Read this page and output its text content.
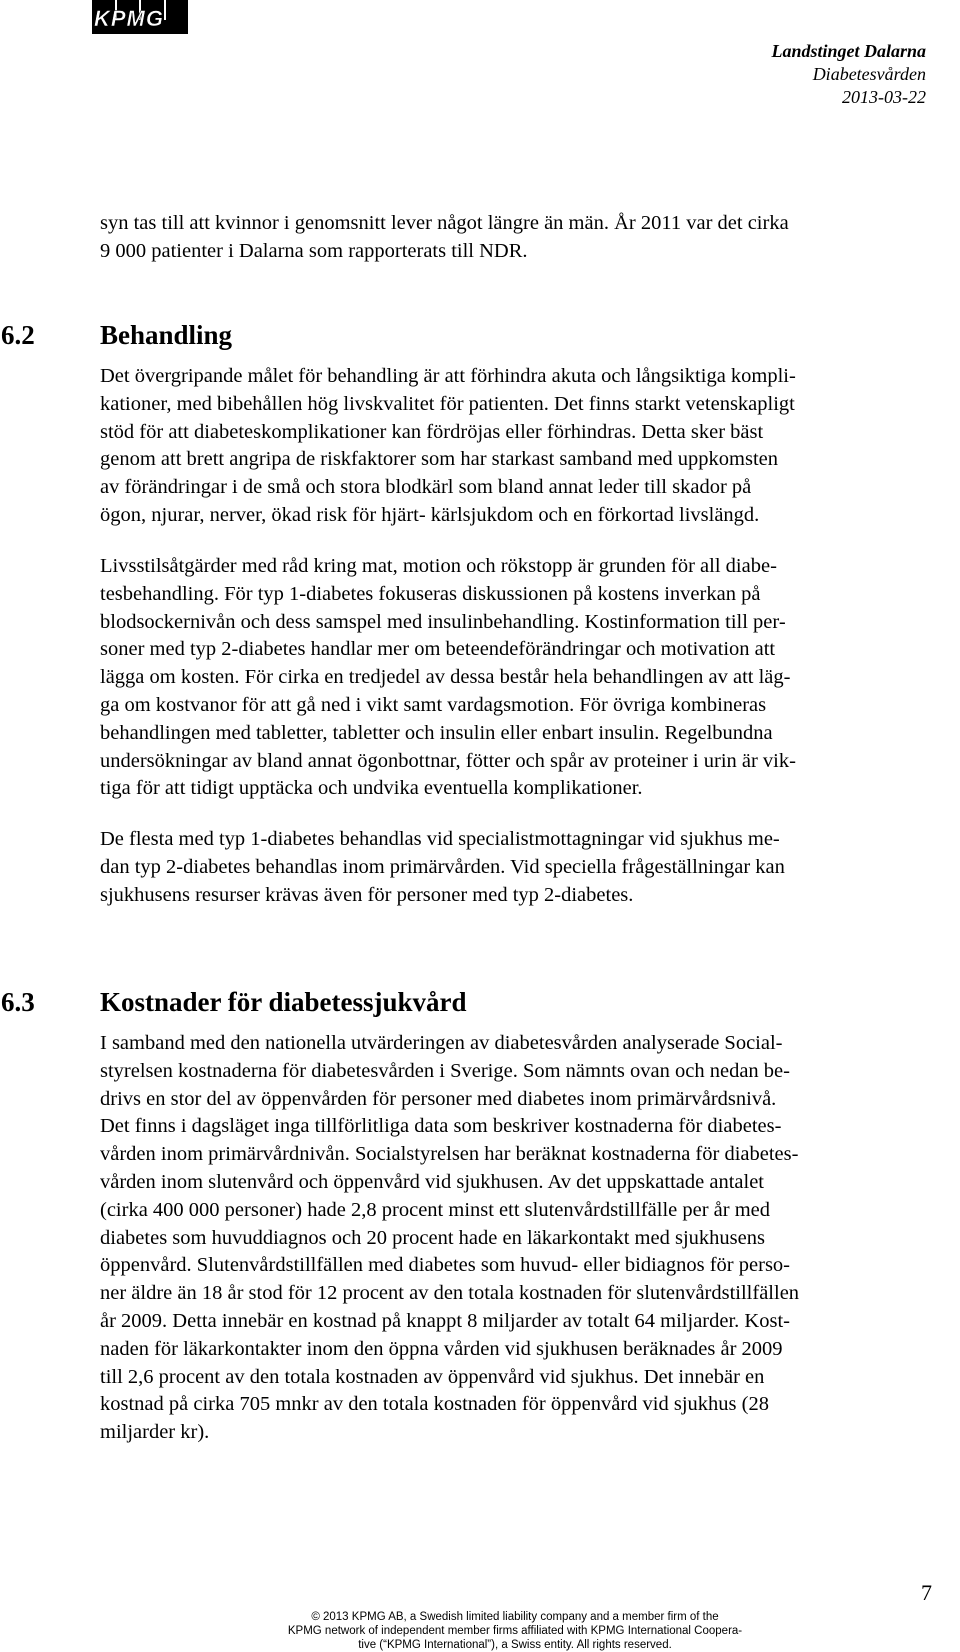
KPMG
Landstinget Dalarna
Diabetesvården
2013-03-22

syn tas till att kvinnor i genomsnitt lever något längre än män. År 2011 var det cirka

9 000 patienter i Dalarna som rapporterats till NDR.

6.2 Behandling

Det övergripande målet för behandling är att förhindra akuta och långsiktiga kompli-

kationer, med bibehållen hög livskvalitet för patienten. Det finns starkt vetenskapligt

stöd för att diabeteskomplikationer kan fördröjas eller förhindras. Detta sker bäst

genom att brett angripa de riskfaktorer som har starkast samband med uppkomsten

av förändringar i de små och stora blodkärl som bland annat leder till skador på

ögon, njurar, nerver, ökad risk för hjärt- kärlsjukdom och en förkortad livslängd.

Livsstilsåtgärder med råd kring mat, motion och rökstopp är grunden för all diabe-

tesbehandling. För typ 1-diabetes fokuseras diskussionen på kostens inverkan på

blodsockernivån och dess samspel med insulinbehandling. Kostinformation till per-

soner med typ 2-diabetes handlar mer om beteendeförändringar och motivation att

lägga om kosten. För cirka en tredjedel av dessa består hela behandlingen av att läg-

ga om kostvanor för att gå ned i vikt samt vardagsmotion. För övriga kombineras

behandlingen med tabletter, tabletter och insulin eller enbart insulin. Regelbundna

undersökningar av bland annat ögonbottnar, fötter och spår av proteiner i urin är vik-

tiga för att tidigt upptäcka och undvika eventuella komplikationer.

De flesta med typ 1-diabetes behandlas vid specialistmottagningar vid sjukhus me-

dan typ 2-diabetes behandlas inom primärvården. Vid speciella frågeställningar kan

sjukhusens resurser krävas även för personer med typ 2-diabetes.

6.3 Kostnader för diabetessjukvård

I samband med den nationella utvärderingen av diabetesvården analyserade Social-

styrelsen kostnaderna för diabetesvården i Sverige. Som nämnts ovan och nedan be-

drivs en stor del av öppenvården för personer med diabetes inom primärvårdsnivå.

Det finns i dagsläget inga tillförlitliga data som beskriver kostnaderna för diabetes-

vården inom primärvårdnivån. Socialstyrelsen har beräknat kostnaderna för diabetes-

vården inom slutenvård och öppenvård vid sjukhusen. Av det uppskattade antalet

(cirka 400 000 personer) hade 2,8 procent minst ett slutenvårdstillfälle per år med

diabetes som huvuddiagnos och 20 procent hade en läkarkontakt med sjukhusens

öppenvård. Slutenvårdstillfällen med diabetes som huvud- eller bidiagnos för perso-

ner äldre än 18 år stod för 12 procent av den totala kostnaden för slutenvårdstillfällen

år 2009. Detta innebär en kostnad på knappt 8 miljarder av totalt 64 miljarder. Kost-

naden för läkarkontakter inom den öppna vården vid sjukhusen beräknades år 2009

till 2,6 procent av den totala kostnaden av öppenvård vid sjukhus. Det innebär en

kostnad på cirka 705 mnkr av den totala kostnaden för öppenvård vid sjukhus (28

miljarder kr).

7
© 2013 KPMG AB, a Swedish limited liability company and a member firm of the
KPMG network of independent member firms affiliated with KPMG International Coopera-
tive (“KPMG International”), a Swiss entity. All rights reserved.
